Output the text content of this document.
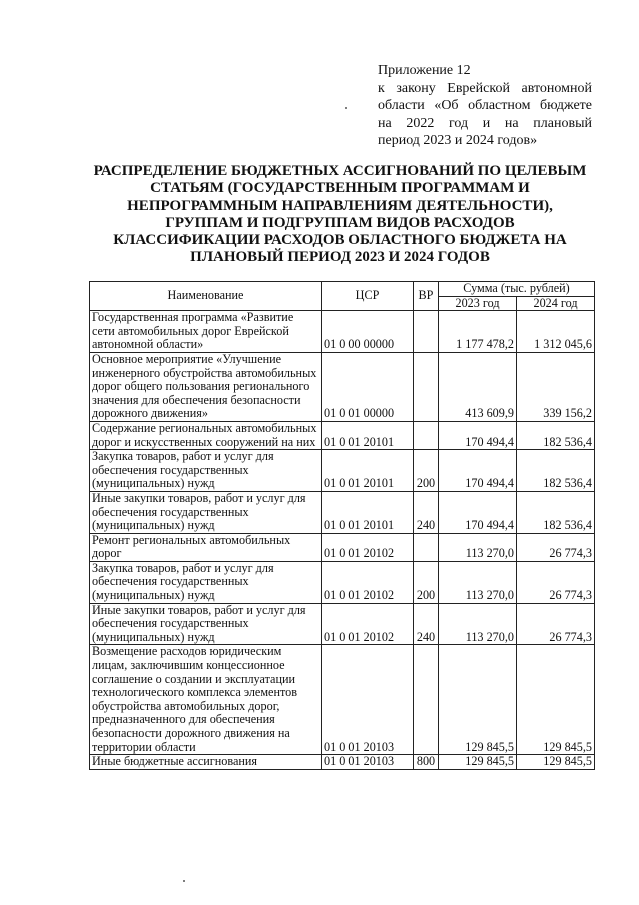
Приложение 12
к закону Еврейской автономной
области «Об областном бюджете
на 2022 год и на плановый
период 2023 и 2024 годов»
РАСПРЕДЕЛЕНИЕ БЮДЖЕТНЫХ АССИГНОВАНИЙ ПО ЦЕЛЕВЫМ
СТАТЬЯМ (ГОСУДАРСТВЕННЫМ ПРОГРАММАМ И
НЕПРОГРАММНЫМ НАПРАВЛЕНИЯМ ДЕЯТЕЛЬНОСТИ),
ГРУППАМ И ПОДГРУППАМ ВИДОВ РАСХОДОВ
КЛАССИФИКАЦИИ РАСХОДОВ ОБЛАСТНОГО БЮДЖЕТА НА
ПЛАНОВЫЙ ПЕРИОД 2023 И 2024 ГОДОВ
Наименование	ЦСР	ВР	Сумма (тыс. рублей)	
			2023 год	2024 год
Государственная программа «Развитие сети автомобильных дорог Еврейской автономной области»	01 0 00 00000		1 177 478,2	1 312 045,6
Основное мероприятие «Улучшение инженерного обустройства автомобильных дорог общего пользования регионального значения для обеспечения безопасности дорожного движения»	01 0 01 00000		413 609,9	339 156,2
Содержание региональных автомобильных дорог и искусственных сооружений на них	01 0 01 20101		170 494,4	182 536,4
Закупка товаров, работ и услуг для обеспечения государственных (муниципальных) нужд	01 0 01 20101	200	170 494,4	182 536,4
Иные закупки товаров, работ и услуг для обеспечения государственных (муниципальных) нужд	01 0 01 20101	240	170 494,4	182 536,4
Ремонт региональных автомобильных дорог	01 0 01 20102		113 270,0	26 774,3
Закупка товаров, работ и услуг для обеспечения государственных (муниципальных) нужд	01 0 01 20102	200	113 270,0	26 774,3
Иные закупки товаров, работ и услуг для обеспечения государственных (муниципальных) нужд	01 0 01 20102	240	113 270,0	26 774,3
Возмещение расходов юридическим лицам, заключившим концессионное соглашение о создании и эксплуатации технологического комплекса элементов обустройства автомобильных дорог, предназначенного для обеспечения безопасности дорожного движения на территории области	01 0 01 20103		129 845,5	129 845,5
Иные бюджетные ассигнования	01 0 01 20103	800	129 845,5	129 845,5
